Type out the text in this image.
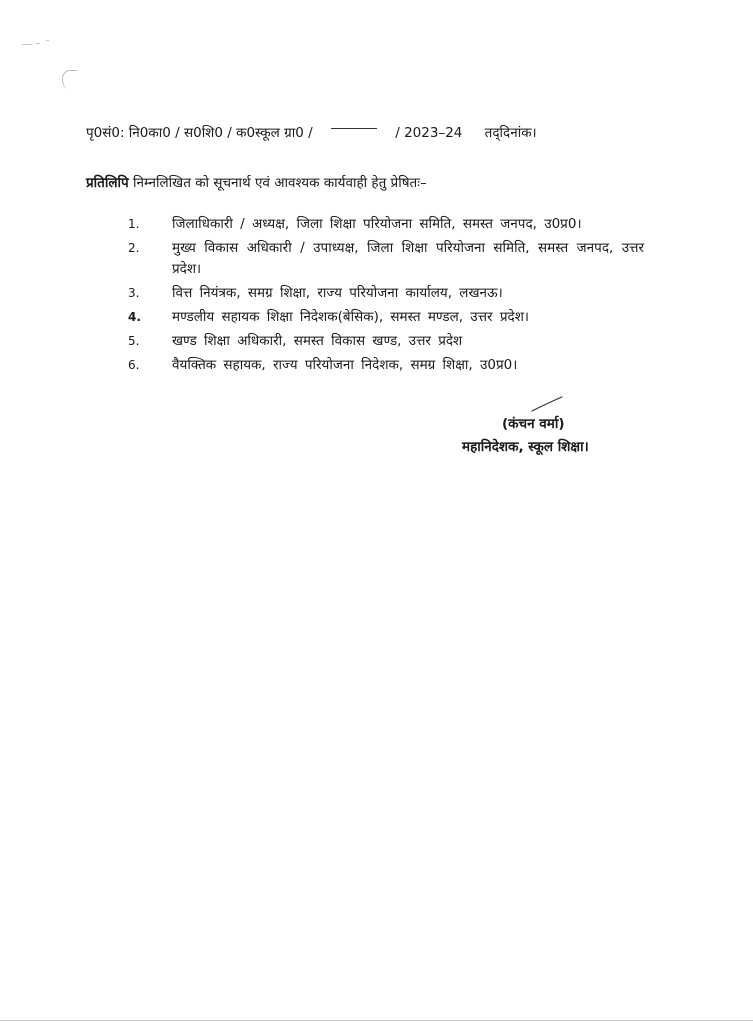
पृ0सं0: नि0का0 / स0शि0 / क0स्कूल ग्रा0 /	/ 2023–24 तद्‌दिनांक।
प्रतिलिपि निम्नलिखित को सूचनार्थ एवं आवश्यक कार्यवाही हेतु प्रेषितः–
1.	जिलाधिकारी / अध्यक्ष, जिला शिक्षा परियोजना समिति, समस्त जनपद, उ0प्र0।
2.	मुख्य विकास अधिकारी / उपाध्यक्ष, जिला शिक्षा परियोजना समिति, समस्त जनपद, उत्तर प्रदेश।
3.	वित्त नियंत्रक, समग्र शिक्षा, राज्य परियोजना कार्यालय, लखनऊ।
4.	मण्डलीय सहायक शिक्षा निदेशक(बेसिक), समस्त मण्डल, उत्तर प्रदेश।
5.	खण्ड शिक्षा अधिकारी, समस्त विकास खण्ड, उत्तर प्रदेश
6.	वैयक्तिक सहायक, राज्य परियोजना निदेशक, समग्र शिक्षा, उ0प्र0।
(कंचन वर्मा)
महानिदेशक, स्कूल शिक्षा।
